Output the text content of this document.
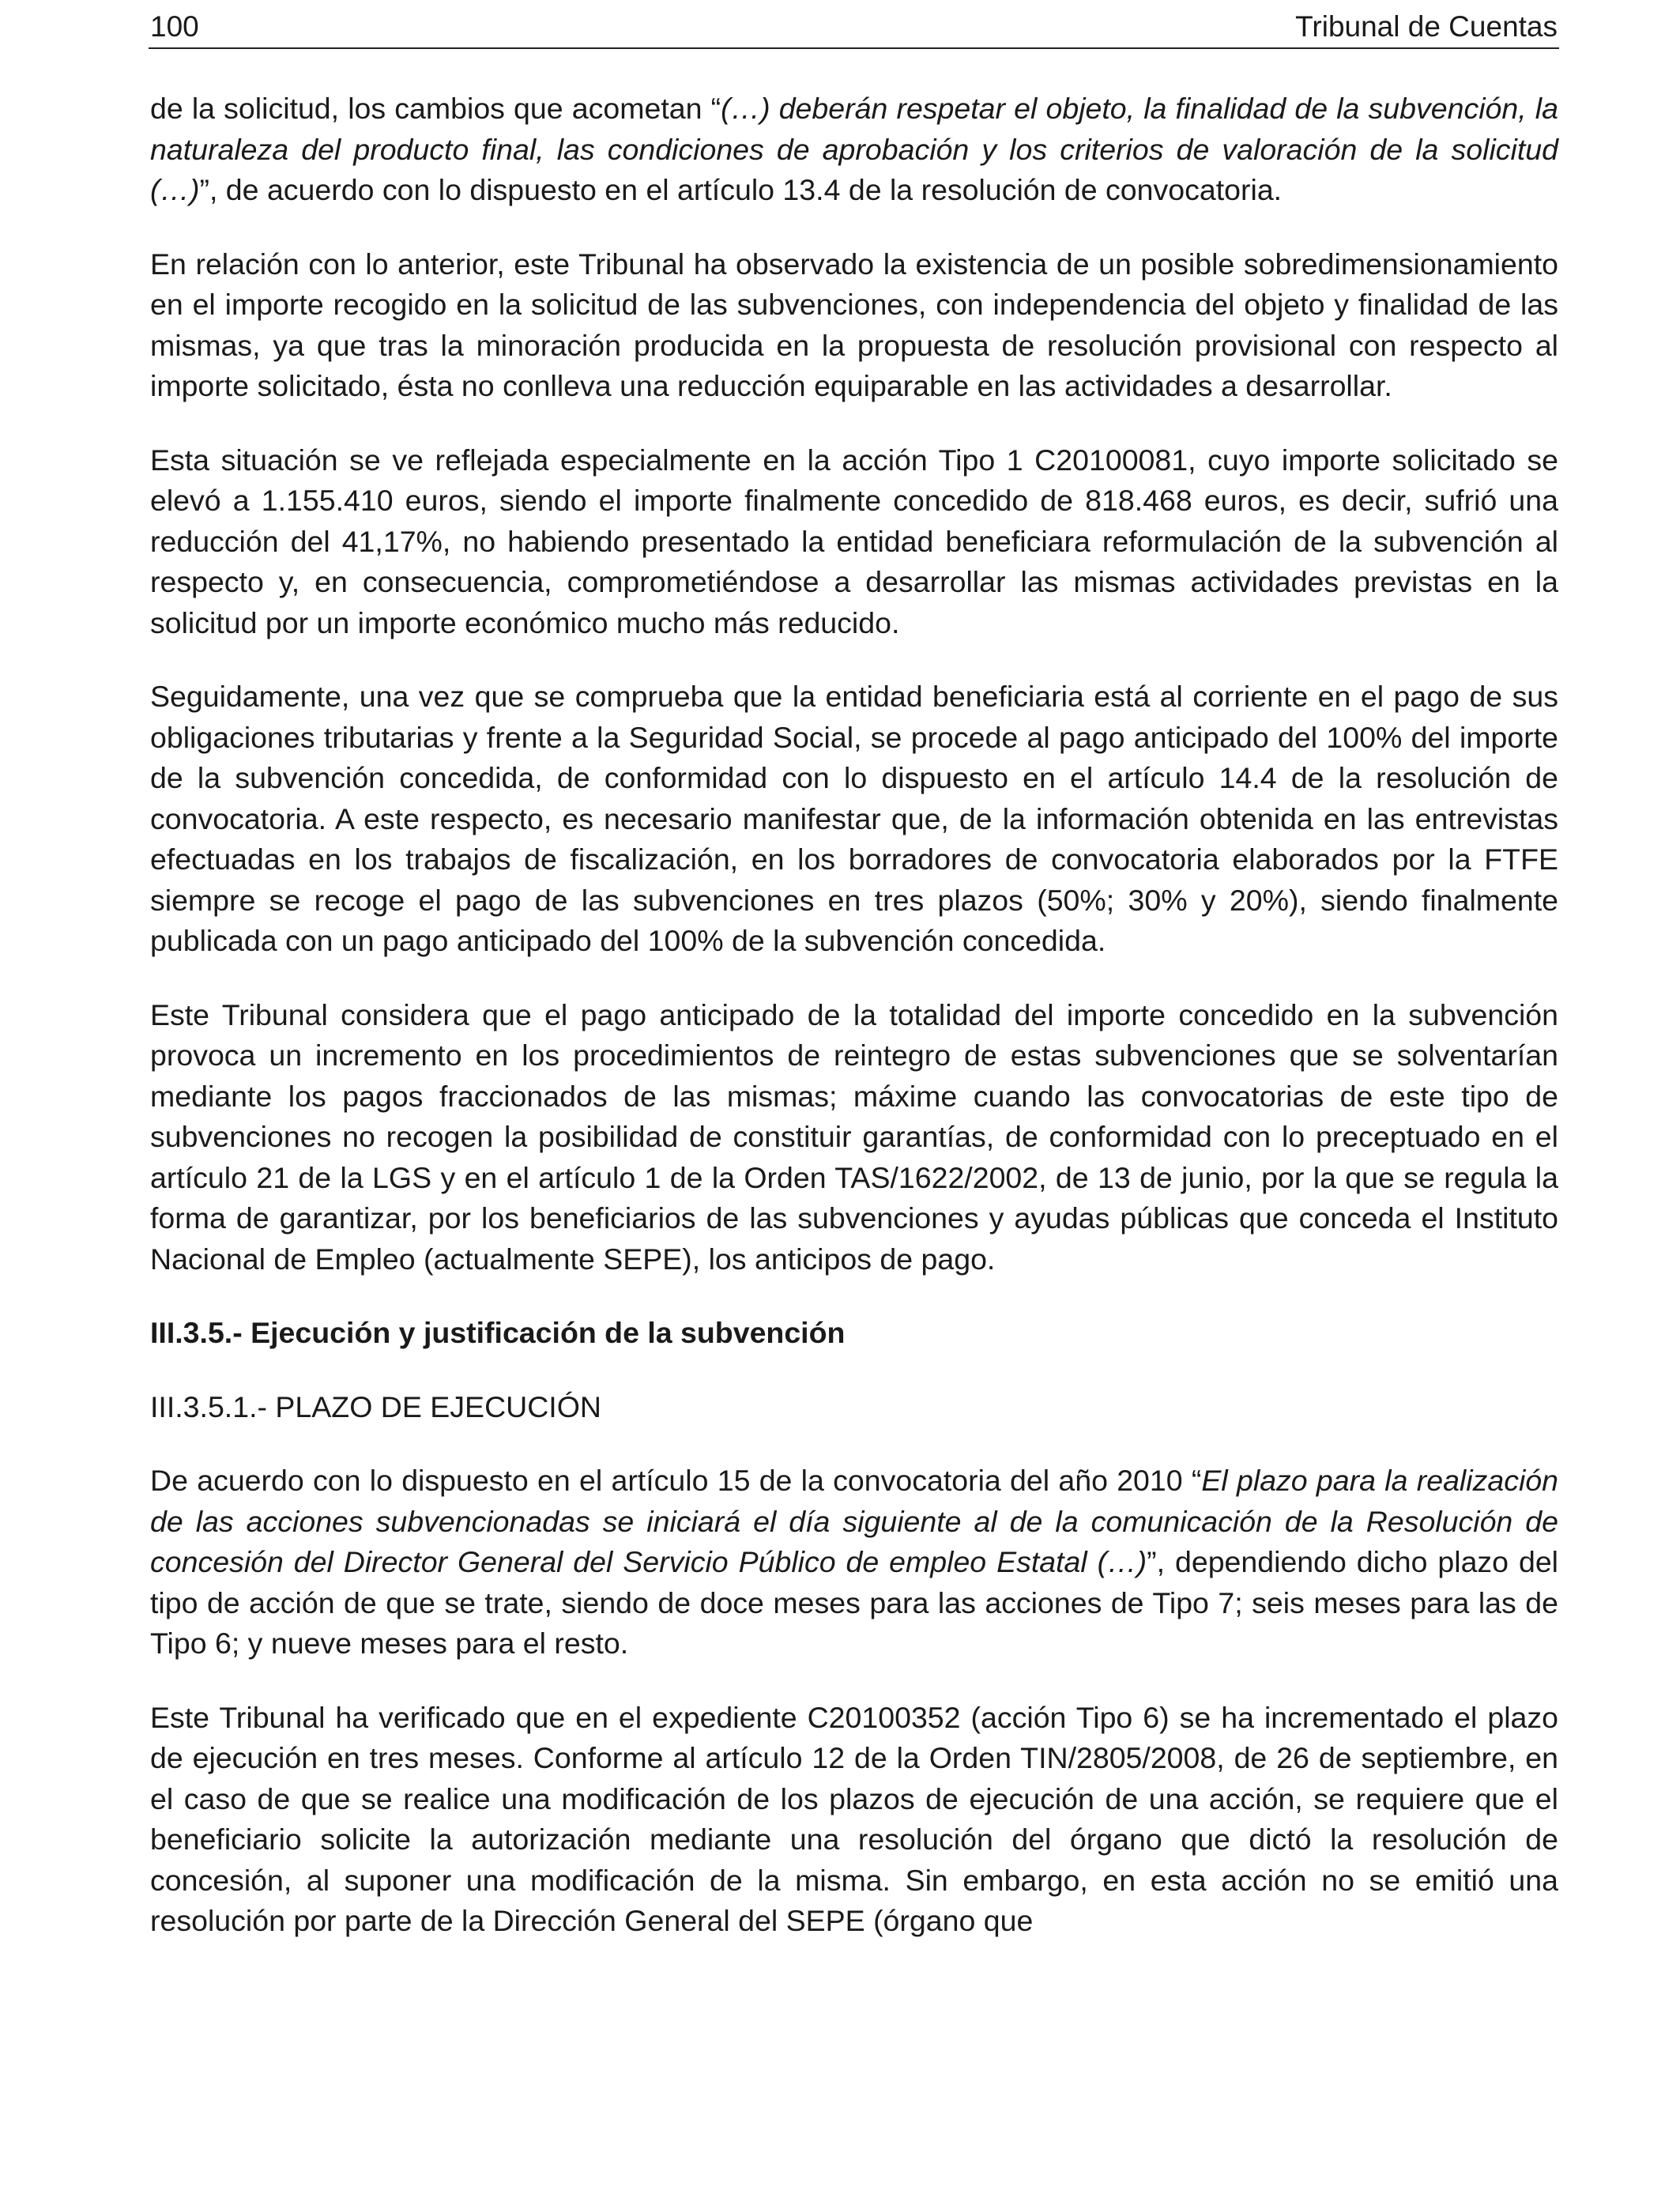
100	Tribunal de Cuentas

de la solicitud, los cambios que acometan “(…) deberán respetar el objeto, la finalidad de la subvención, la naturaleza del producto final, las condiciones de aprobación y los criterios de valoración de la solicitud (…)”, de acuerdo con lo dispuesto en el artículo 13.4 de la resolución de convocatoria.

En relación con lo anterior, este Tribunal ha observado la existencia de un posible sobredimensionamiento en el importe recogido en la solicitud de las subvenciones, con independencia del objeto y finalidad de las mismas, ya que tras la minoración producida en la propuesta de resolución provisional con respecto al importe solicitado, ésta no conlleva una reducción equiparable en las actividades a desarrollar.

Esta situación se ve reflejada especialmente en la acción Tipo 1 C20100081, cuyo importe solicitado se elevó a 1.155.410 euros, siendo el importe finalmente concedido de 818.468 euros, es decir, sufrió una reducción del 41,17%, no habiendo presentado la entidad beneficiara reformulación de la subvención al respecto y, en consecuencia, comprometiéndose a desarrollar las mismas actividades previstas en la solicitud por un importe económico mucho más reducido.

Seguidamente, una vez que se comprueba que la entidad beneficiaria está al corriente en el pago de sus obligaciones tributarias y frente a la Seguridad Social, se procede al pago anticipado del 100% del importe de la subvención concedida, de conformidad con lo dispuesto en el artículo 14.4 de la resolución de convocatoria. A este respecto, es necesario manifestar que, de la información obtenida en las entrevistas efectuadas en los trabajos de fiscalización, en los borradores de convocatoria elaborados por la FTFE siempre se recoge el pago de las subvenciones en tres plazos (50%; 30% y 20%), siendo finalmente publicada con un pago anticipado del 100% de la subvención concedida.

Este Tribunal considera que el pago anticipado de la totalidad del importe concedido en la subvención provoca un incremento en los procedimientos de reintegro de estas subvenciones que se solventarían mediante los pagos fraccionados de las mismas; máxime cuando las convocatorias de este tipo de subvenciones no recogen la posibilidad de constituir garantías, de conformidad con lo preceptuado en el artículo 21 de la LGS y en el artículo 1 de la Orden TAS/1622/2002, de 13 de junio, por la que se regula la forma de garantizar, por los beneficiarios de las subvenciones y ayudas públicas que conceda el Instituto Nacional de Empleo (actualmente SEPE), los anticipos de pago.

III.3.5.- Ejecución y justificación de la subvención

III.3.5.1.- PLAZO DE EJECUCIÓN

De acuerdo con lo dispuesto en el artículo 15 de la convocatoria del año 2010 “El plazo para la realización de las acciones subvencionadas se iniciará el día siguiente al de la comunicación de la Resolución de concesión del Director General del Servicio Público de empleo Estatal (…)”, dependiendo dicho plazo del tipo de acción de que se trate, siendo de doce meses para las acciones de Tipo 7; seis meses para las de Tipo 6; y nueve meses para el resto.

Este Tribunal ha verificado que en el expediente C20100352 (acción Tipo 6) se ha incrementado el plazo de ejecución en tres meses. Conforme al artículo 12 de la Orden TIN/2805/2008, de 26 de septiembre, en el caso de que se realice una modificación de los plazos de ejecución de una acción, se requiere que el beneficiario solicite la autorización mediante una resolución del órgano que dictó la resolución de concesión, al suponer una modificación de la misma. Sin embargo, en esta acción no se emitió una resolución por parte de la Dirección General del SEPE (órgano que
